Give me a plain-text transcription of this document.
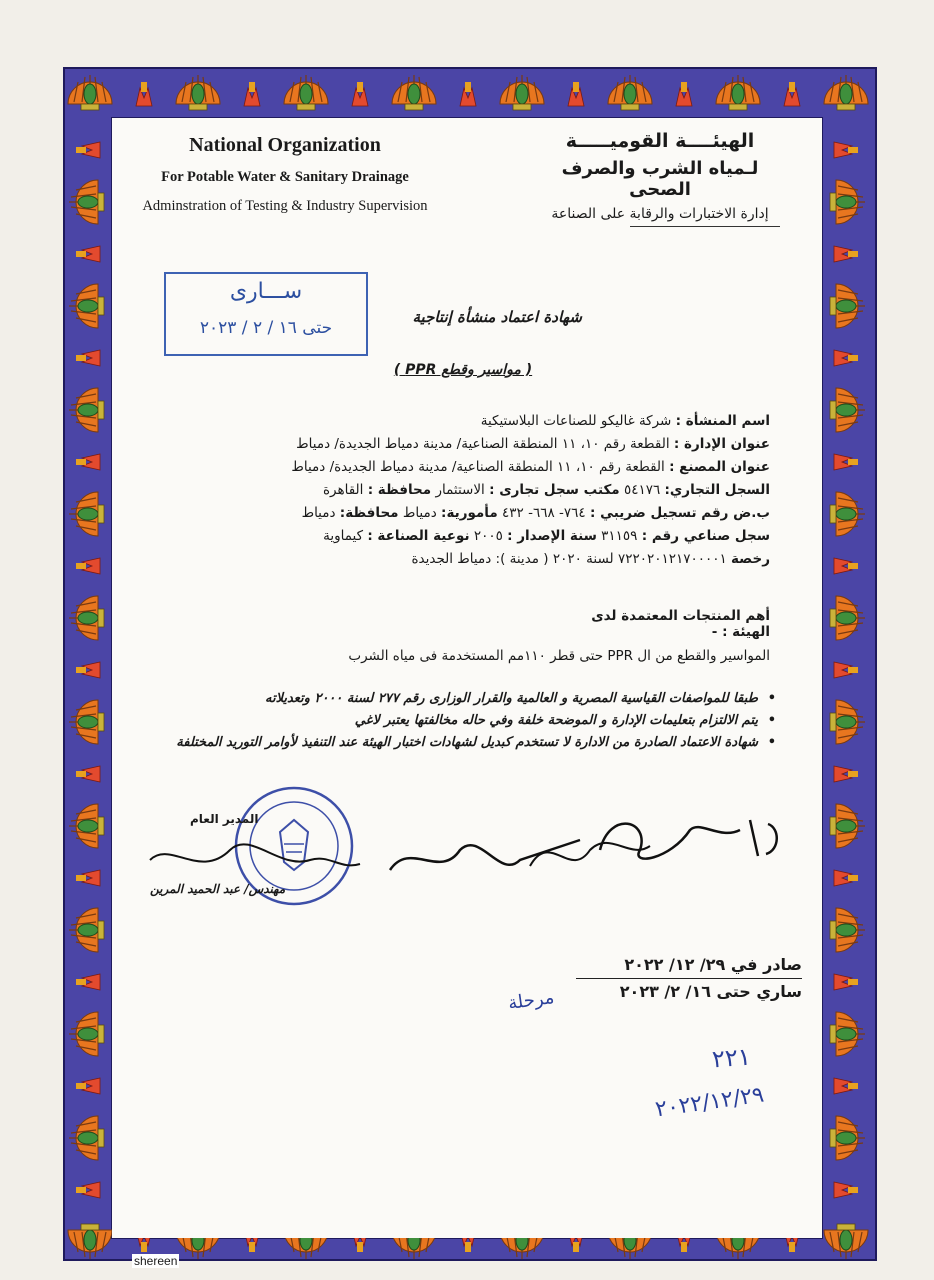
National Organization
For Potable Water & Sanitary Drainage
Adminstration of Testing & Industry Supervision
الهيئــــة القوميـــــة
لـمياه الشرب والصرف الصحى
إدارة الاختبارات والرقابة على الصناعة
ســـارى
حتى ١٦ / ٢ / ٢٠٢٣
شهادة اعتماد منشأة إنتاجية
( مواسير وقطع PPR )
اسم المنشأة : شركة غاليكو للصناعات البلاستيكية
عنوان الإدارة : القطعة رقم ١٠، ١١ المنطقة الصناعية/ مدينة دمياط الجديدة/ دمياط
عنوان المصنع : القطعة رقم ١٠، ١١ المنطقة الصناعية/ مدينة دمياط الجديدة/ دمياط
السجل التجاري: ٥٤١٧٦ مكتب سجل تجارى : الاستثمار محافظة : القاهرة
ب.ض رقم تسجيل ضريبي : ٧٦٤- ٦٦٨- ٤٣٢ مأمورية: دمياط محافظة: دمياط
سجل صناعي رقم : ٣١١٥٩ سنة الإصدار : ٢٠٠٥ نوعية الصناعة : كيماوية
رخصة ٧٢٢٠٢٠١٢١٧٠٠٠٠١ لسنة ٢٠٢٠ ( مدينة ): دمياط الجديدة
أهم المنتجات المعتمدة لدى الهيئة : -
المواسير والقطع من ال PPR حتى قطر ١١٠مم المستخدمة فى مياه الشرب
• طبقا للمواصفات القياسية المصرية و العالمية والقرار الوزارى رقم ٢٧٧ لسنة ٢٠٠٠ وتعديلاته
• يتم الالتزام بتعليمات الإدارة و الموضحة خلفة وفي حاله مخالفتها يعتبر لاغي
• شهادة الاعتماد الصادرة من الادارة لا تستخدم كبديل لشهادات اختبار الهيئة عند التنفيذ لأوامر التوريد المختلفة
المدير العام
مهندس/ عبد الحميد المرين
صادر في ٢٩/ ١٢/ ٢٠٢٢
ساري حتى ١٦/ ٢/ ٢٠٢٣
مرحلة
٢٢١
٢٠٢٢/١٢/٢٩
shereen
